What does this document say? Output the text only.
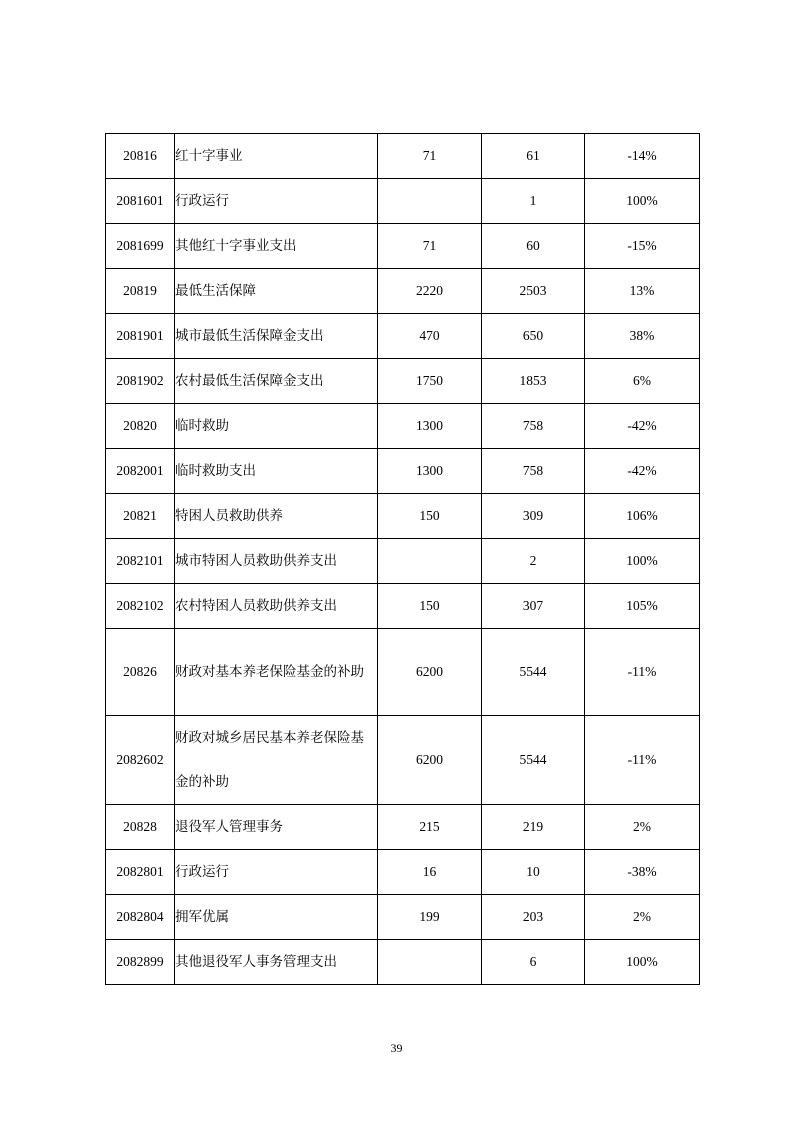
20816	红十字事业	71	61	-14%
2081601	行政运行		1	100%
2081699	其他红十字事业支出	71	60	-15%
20819	最低生活保障	2220	2503	13%
2081901	城市最低生活保障金支出	470	650	38%
2081902	农村最低生活保障金支出	1750	1853	6%
20820	临时救助	1300	758	-42%
2082001	临时救助支出	1300	758	-42%
20821	特困人员救助供养	150	309	106%
2082101	城市特困人员救助供养支出		2	100%
2082102	农村特困人员救助供养支出	150	307	105%
20826	财政对基本养老保险基金的补助	6200	5544	-11%
2082602	财政对城乡居民基本养老保险基金的补助	6200	5544	-11%
20828	退役军人管理事务	215	219	2%
2082801	行政运行	16	10	-38%
2082804	拥军优属	199	203	2%
2082899	其他退役军人事务管理支出		6	100%
39
